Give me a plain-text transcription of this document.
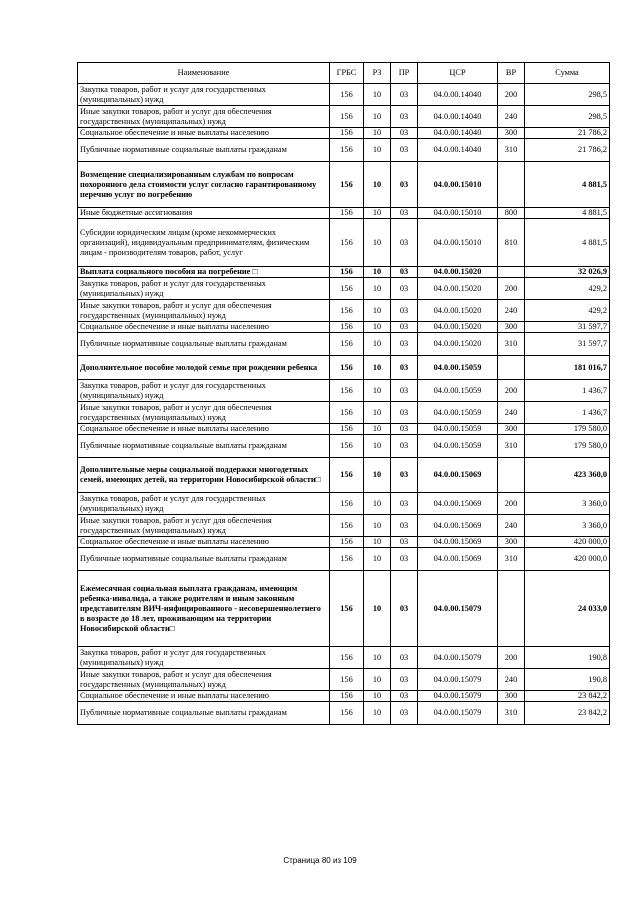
Наименование	ГРБС	РЗ	ПР	ЦСР	ВР	Сумма
Закупка товаров, работ и услуг для государственных (муниципальных) нужд	156	10	03	04.0.00.14040	200	298,5
Иные закупки товаров, работ и услуг для обеспечения государственных (муниципальных) нужд	156	10	03	04.0.00.14040	240	298,5
Социальное обеспечение и иные выплаты населению	156	10	03	04.0.00.14040	300	21 786,2
Публичные нормативные социальные выплаты гражданам	156	10	03	04.0.00.14040	310	21 786,2
Возмещение специализированным службам по вопросам похоронного дела стоимости услуг согласно гарантированному перечню услуг по погребению	156	10	03	04.0.00.15010		4 881,5
Иные бюджетные ассигнования	156	10	03	04.0.00.15010	800	4 881,5
Субсидии юридическим лицам (кроме некоммерческих организаций), индивидуальным предпринимателям, физическим лицам - производителям товаров, работ, услуг	156	10	03	04.0.00.15010	810	4 881,5
Выплата социального пособия на погребение □	156	10	03	04.0.00.15020		32 026,9
Закупка товаров, работ и услуг для государственных (муниципальных) нужд	156	10	03	04.0.00.15020	200	429,2
Иные закупки товаров, работ и услуг для обеспечения государственных (муниципальных) нужд	156	10	03	04.0.00.15020	240	429,2
Социальное обеспечение и иные выплаты населению	156	10	03	04.0.00.15020	300	31 597,7
Публичные нормативные социальные выплаты гражданам	156	10	03	04.0.00.15020	310	31 597,7
Дополнительное пособие молодой семье при рождении ребенка	156	10	03	04.0.00.15059		181 016,7
Закупка товаров, работ и услуг для государственных (муниципальных) нужд	156	10	03	04.0.00.15059	200	1 436,7
Иные закупки товаров, работ и услуг для обеспечения государственных (муниципальных) нужд	156	10	03	04.0.00.15059	240	1 436,7
Социальное обеспечение и иные выплаты населению	156	10	03	04.0.00.15059	300	179 580,0
Публичные нормативные социальные выплаты гражданам	156	10	03	04.0.00.15059	310	179 580,0
Дополнительные меры социальной поддержки многодетных семей, имеющих детей, на территории Новосибирской области□	156	10	03	04.0.00.15069		423 360,0
Закупка товаров, работ и услуг для государственных (муниципальных) нужд	156	10	03	04.0.00.15069	200	3 360,0
Иные закупки товаров, работ и услуг для обеспечения государственных (муниципальных) нужд	156	10	03	04.0.00.15069	240	3 360,0
Социальное обеспечение и иные выплаты населению	156	10	03	04.0.00.15069	300	420 000,0
Публичные нормативные социальные выплаты гражданам	156	10	03	04.0.00.15069	310	420 000,0
Ежемесячная социальная выплата гражданам, имеющим ребенка-инвалида, а также родителям и иным законным представителям ВИЧ-инфицированного - несовершеннолетнего в возрасте до 18 лет, проживающим на территории Новосибирской области□	156	10	03	04.0.00.15079		24 033,0
Закупка товаров, работ и услуг для государственных (муниципальных) нужд	156	10	03	04.0.00.15079	200	190,8
Иные закупки товаров, работ и услуг для обеспечения государственных (муниципальных) нужд	156	10	03	04.0.00.15079	240	190,8
Социальное обеспечение и иные выплаты населению	156	10	03	04.0.00.15079	300	23 842,2
Публичные нормативные социальные выплаты гражданам	156	10	03	04.0.00.15079	310	23 842,2
Страница 80 из 109
